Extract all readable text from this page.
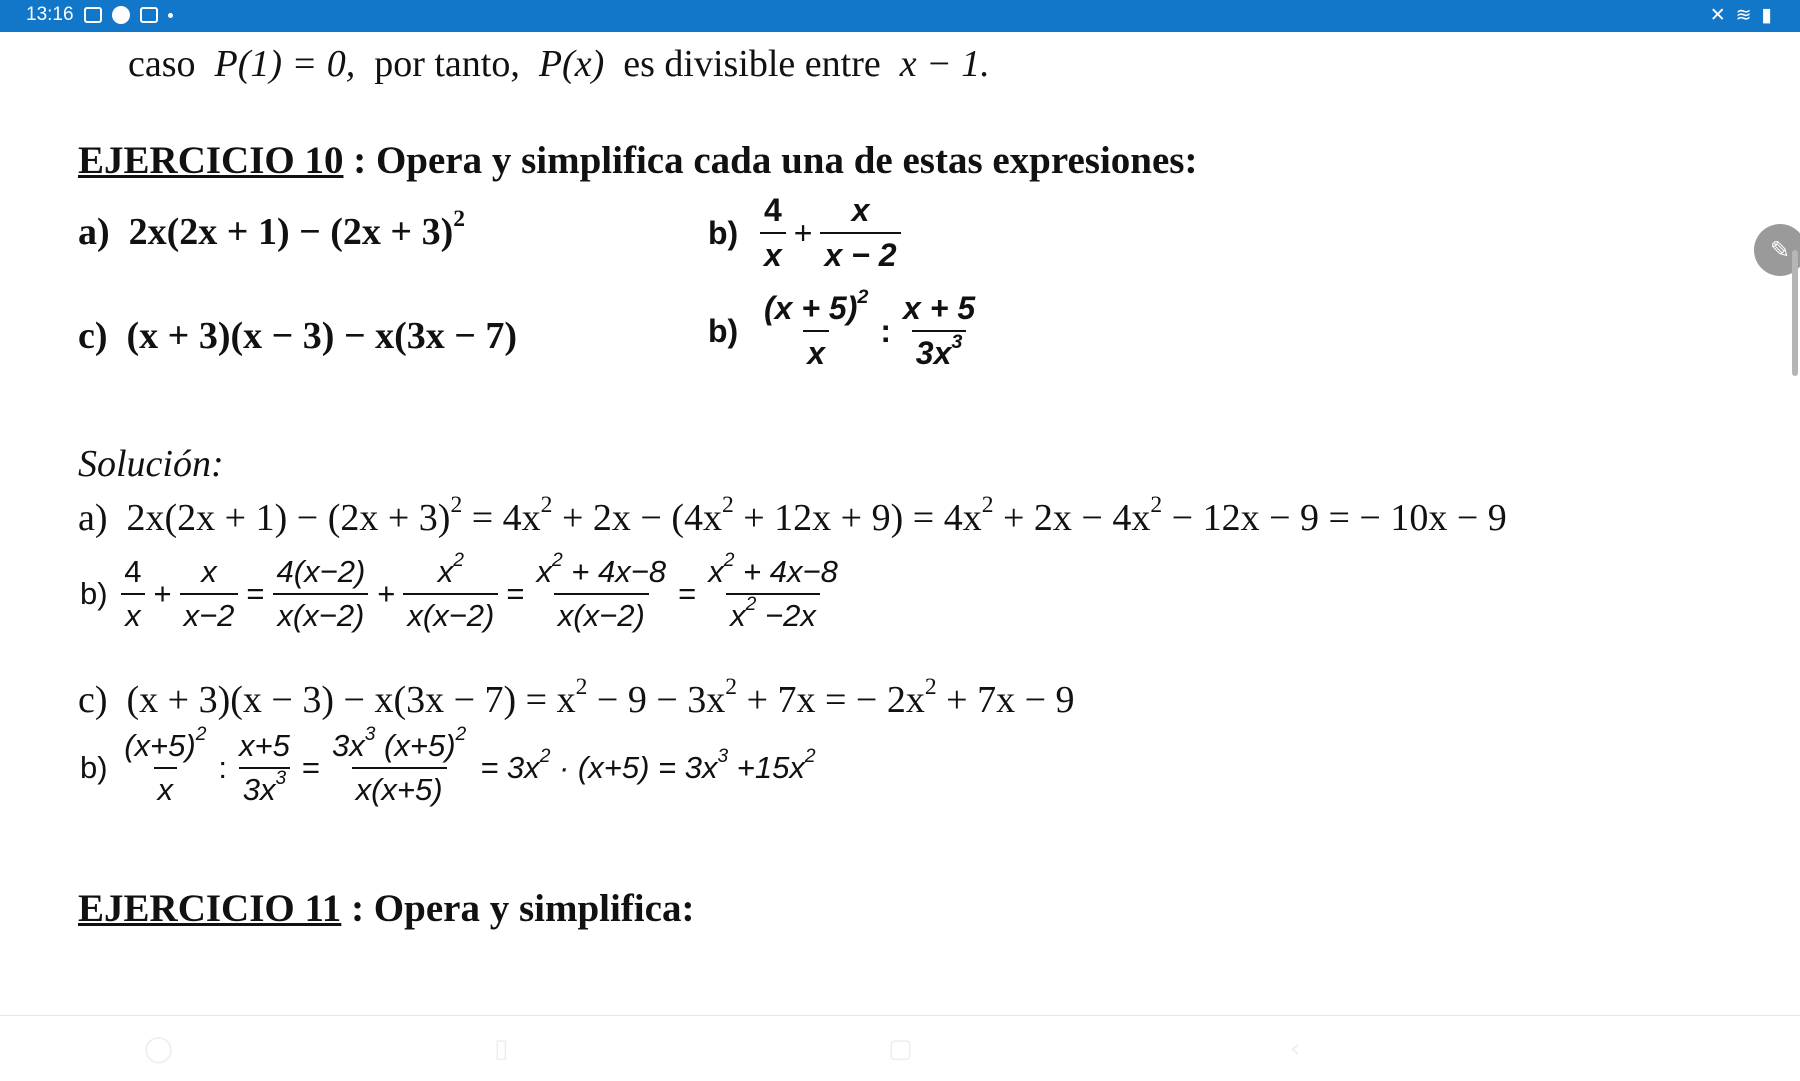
13:16	✕ ≋ ▮
caso P(1) = 0, por tanto, P(x) es divisible entre x − 1.
EJERCICIO 10 : Opera y simplifica cada una de estas expresiones:
a) $2x(2x + 1) - (2x + 3)^2$	b)
$\frac{4}{x} + \frac{x}{x - 2}$
c) (x + 3)(x − 3) − x(3x − 7)	b)
$\frac{(x + 5)^2}{x}$ : $\frac{x + 5}{3x^3}$
Solución:
a) $2x(2x + 1) - (2x + 3)^2 = 4x^2 + 2x - (4x^2 + 12x + 9) = 4x^2 + 2x - 4x^2 - 12x - 9$ = − 10x − 9
b)
$\frac{4}{x} + \frac{x}{x-2} = \frac{4(x-2)}{x(x-2)} + \frac{x^2}{x(x-2)} = \frac{x^2 + 4x-8}{x(x-2)} = \frac{x^2 + 4x-8}{x^2 -2x}$
c) $(x + 3)(x - 3) - x(3x - 7) = x^2 - 9 - 3x^2 + 7x$ = − $2x^2 + 7x - 9$
b)
$\frac{(x+5)^2}{x}$ : $\frac{x+5}{3x^3} = \frac{3x^3 (x+5)^2}{x(x+5)} = 3x^2 \cdot (x+5) = 3x^3 +15x^2$
EJERCICIO 11 : Opera y simplifica:
✎
◯	▯	▢	‹
